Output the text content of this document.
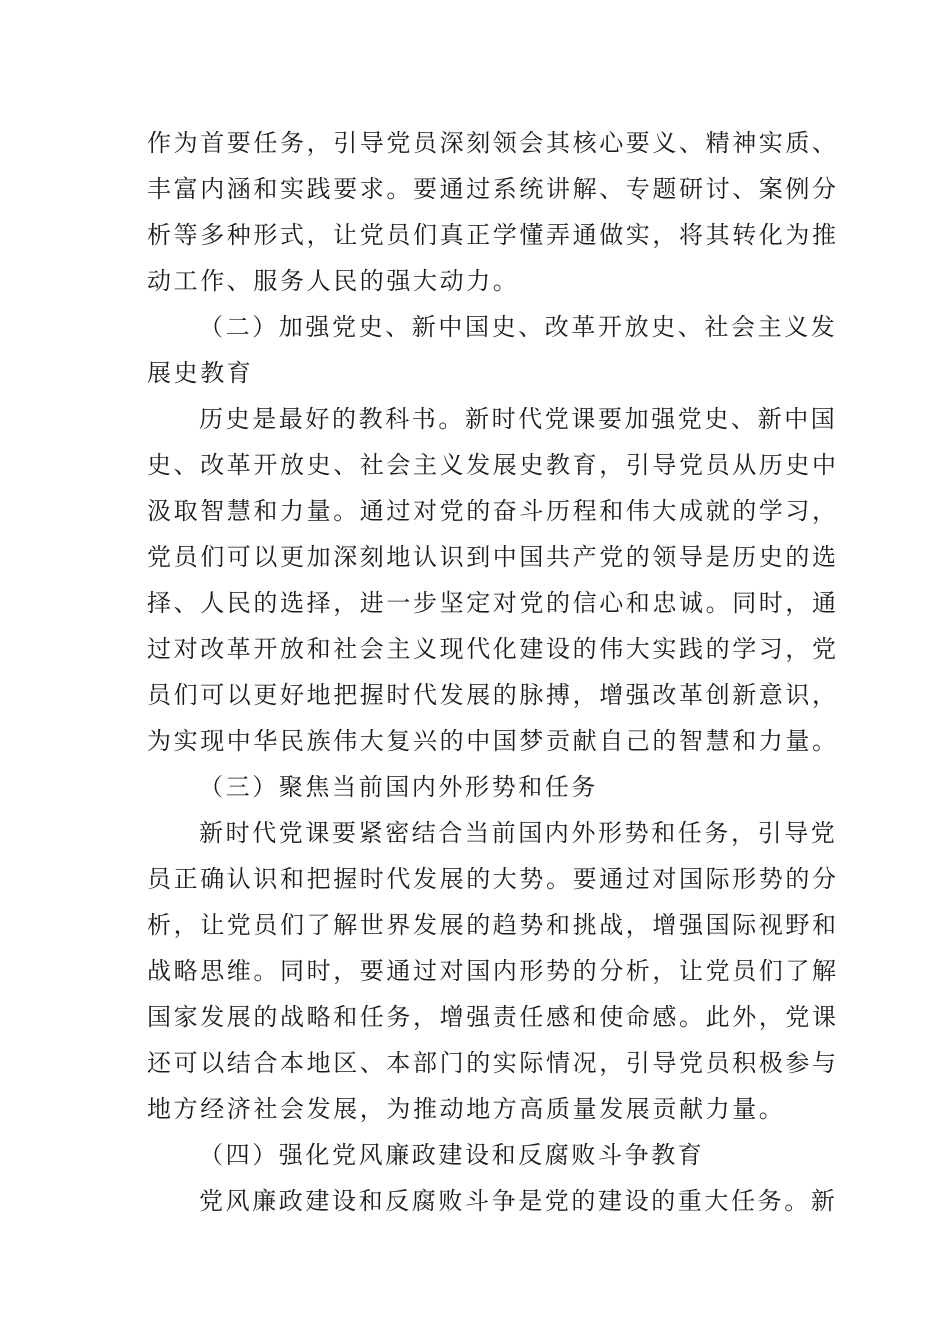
作为首要任务，引导党员深刻领会其核心要义、精神实质、
丰富内涵和实践要求。要通过系统讲解、专题研讨、案例分
析等多种形式，让党员们真正学懂弄通做实，将其转化为推
动工作、服务人民的强大动力。
（二）加强党史、新中国史、改革开放史、社会主义发
展史教育
历史是最好的教科书。新时代党课要加强党史、新中国
史、改革开放史、社会主义发展史教育，引导党员从历史中
汲取智慧和力量。通过对党的奋斗历程和伟大成就的学习，
党员们可以更加深刻地认识到中国共产党的领导是历史的选
择、人民的选择，进一步坚定对党的信心和忠诚。同时，通
过对改革开放和社会主义现代化建设的伟大实践的学习，党
员们可以更好地把握时代发展的脉搏，增强改革创新意识，
为实现中华民族伟大复兴的中国梦贡献自己的智慧和力量。
（三）聚焦当前国内外形势和任务
新时代党课要紧密结合当前国内外形势和任务，引导党
员正确认识和把握时代发展的大势。要通过对国际形势的分
析，让党员们了解世界发展的趋势和挑战，增强国际视野和
战略思维。同时，要通过对国内形势的分析，让党员们了解
国家发展的战略和任务，增强责任感和使命感。此外，党课
还可以结合本地区、本部门的实际情况，引导党员积极参与
地方经济社会发展，为推动地方高质量发展贡献力量。
（四）强化党风廉政建设和反腐败斗争教育
党风廉政建设和反腐败斗争是党的建设的重大任务。新
